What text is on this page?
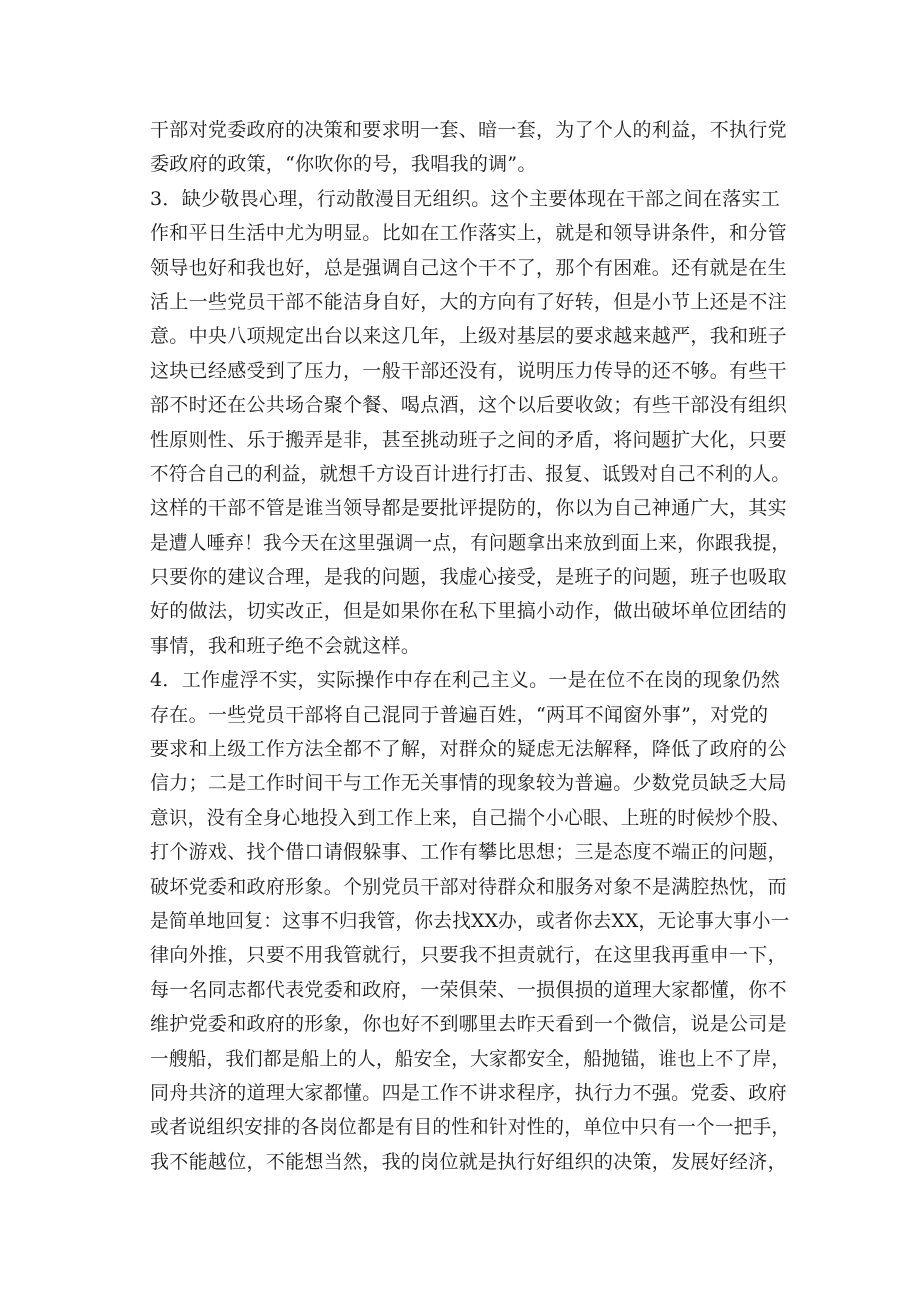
干部对党委政府的决策和要求明一套、暗一套，为了个人的利益，不执行党
委政府的政策，“你吹你的号，我唱我的调”。
3．缺少敬畏心理，行动散漫目无组织。这个主要体现在干部之间在落实工
作和平日生活中尤为明显。比如在工作落实上，就是和领导讲条件，和分管
领导也好和我也好，总是强调自己这个干不了，那个有困难。还有就是在生
活上一些党员干部不能洁身自好，大的方向有了好转，但是小节上还是不注
意。中央八项规定出台以来这几年，上级对基层的要求越来越严，我和班子
这块已经感受到了压力，一般干部还没有，说明压力传导的还不够。有些干
部不时还在公共场合聚个餐、喝点酒，这个以后要收敛；有些干部没有组织
性原则性、乐于搬弄是非，甚至挑动班子之间的矛盾，将问题扩大化，只要
不符合自己的利益，就想千方设百计进行打击、报复、诋毁对自己不利的人。
这样的干部不管是谁当领导都是要批评提防的，你以为自己神通广大，其实
是遭人唾弃！我今天在这里强调一点，有问题拿出来放到面上来，你跟我提，
只要你的建议合理，是我的问题，我虚心接受，是班子的问题，班子也吸取
好的做法，切实改正，但是如果你在私下里搞小动作，做出破坏单位团结的
事情，我和班子绝不会就这样。
4．工作虚浮不实，实际操作中存在利己主义。一是在位不在岗的现象仍然
存在。一些党员干部将自己混同于普遍百姓，“两耳不闻窗外事”，对党的
要求和上级工作方法全都不了解，对群众的疑虑无法解释，降低了政府的公
信力；二是工作时间干与工作无关事情的现象较为普遍。少数党员缺乏大局
意识，没有全身心地投入到工作上来，自己揣个小心眼、上班的时候炒个股、
打个游戏、找个借口请假躲事、工作有攀比思想；三是态度不端正的问题，
破坏党委和政府形象。个别党员干部对待群众和服务对象不是满腔热忱，而
是简单地回复：这事不归我管，你去找XX办，或者你去XX，无论事大事小一
律向外推，只要不用我管就行，只要我不担责就行，在这里我再重申一下，
每一名同志都代表党委和政府，一荣俱荣、一损俱损的道理大家都懂，你不
维护党委和政府的形象，你也好不到哪里去昨天看到一个微信，说是公司是
一艘船，我们都是船上的人，船安全，大家都安全，船抛锚，谁也上不了岸，
同舟共济的道理大家都懂。四是工作不讲求程序，执行力不强。党委、政府
或者说组织安排的各岗位都是有目的性和针对性的，单位中只有一个一把手，
我不能越位，不能想当然，我的岗位就是执行好组织的决策，发展好经济，
